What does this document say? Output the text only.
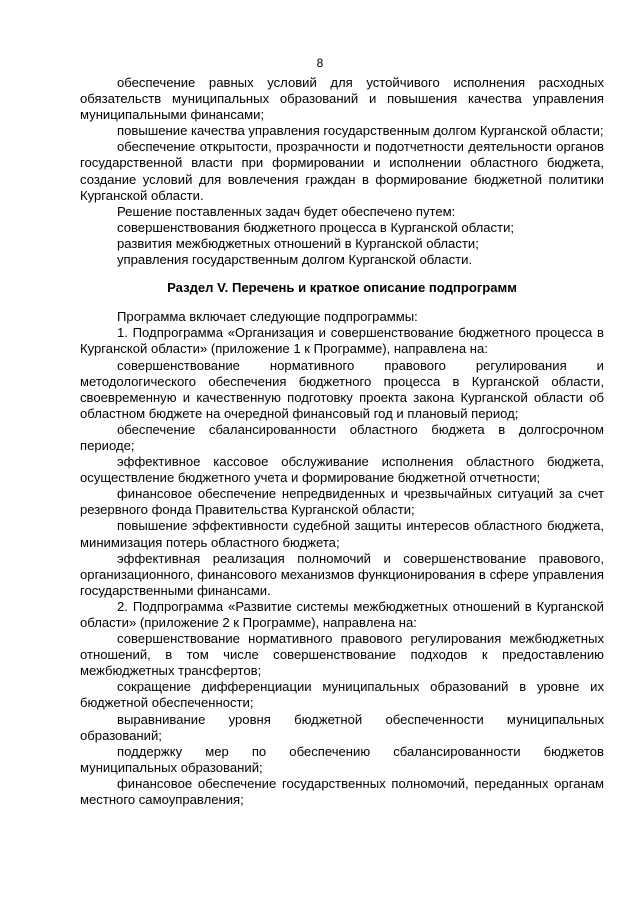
8

обеспечение равных условий для устойчивого исполнения расходных обязательств муниципальных образований и повышения качества управления муниципальными финансами;

повышение качества управления государственным долгом Курганской области;

обеспечение открытости, прозрачности и подотчетности деятельности органов государственной власти при формировании и исполнении областного бюджета, создание условий для вовлечения граждан в формирование бюджетной политики Курганской области.

Решение поставленных задач будет обеспечено путем:

совершенствования бюджетного процесса в Курганской области;

развития межбюджетных отношений в Курганской области;

управления государственным долгом Курганской области.

Раздел V. Перечень и краткое описание подпрограмм

Программа включает следующие подпрограммы:

1. Подпрограмма «Организация и совершенствование бюджетного процесса в Курганской области» (приложение 1 к Программе), направлена на:

совершенствование нормативного правового регулирования и методологического обеспечения бюджетного процесса в Курганской области, своевременную и качественную подготовку проекта закона Курганской области об областном бюджете на очередной финансовый год и плановый период;

обеспечение сбалансированности областного бюджета в долгосрочном периоде;

эффективное кассовое обслуживание исполнения областного бюджета, осуществление бюджетного учета и формирование бюджетной отчетности;

финансовое обеспечение непредвиденных и чрезвычайных ситуаций за счет резервного фонда Правительства Курганской области;

повышение эффективности судебной защиты интересов областного бюджета, минимизация потерь областного бюджета;

эффективная реализация полномочий и совершенствование правового, организационного, финансового механизмов функционирования в сфере управления государственными финансами.

2. Подпрограмма «Развитие системы межбюджетных отношений в Курганской области» (приложение 2 к Программе), направлена на:

совершенствование нормативного правового регулирования межбюджетных отношений, в том числе совершенствование подходов к предоставлению межбюджетных трансфертов;

сокращение дифференциации муниципальных образований в уровне их бюджетной обеспеченности;

выравнивание уровня бюджетной обеспеченности муниципальных образований;

поддержку мер по обеспечению сбалансированности бюджетов муниципальных образований;

финансовое обеспечение государственных полномочий, переданных органам местного самоуправления;
